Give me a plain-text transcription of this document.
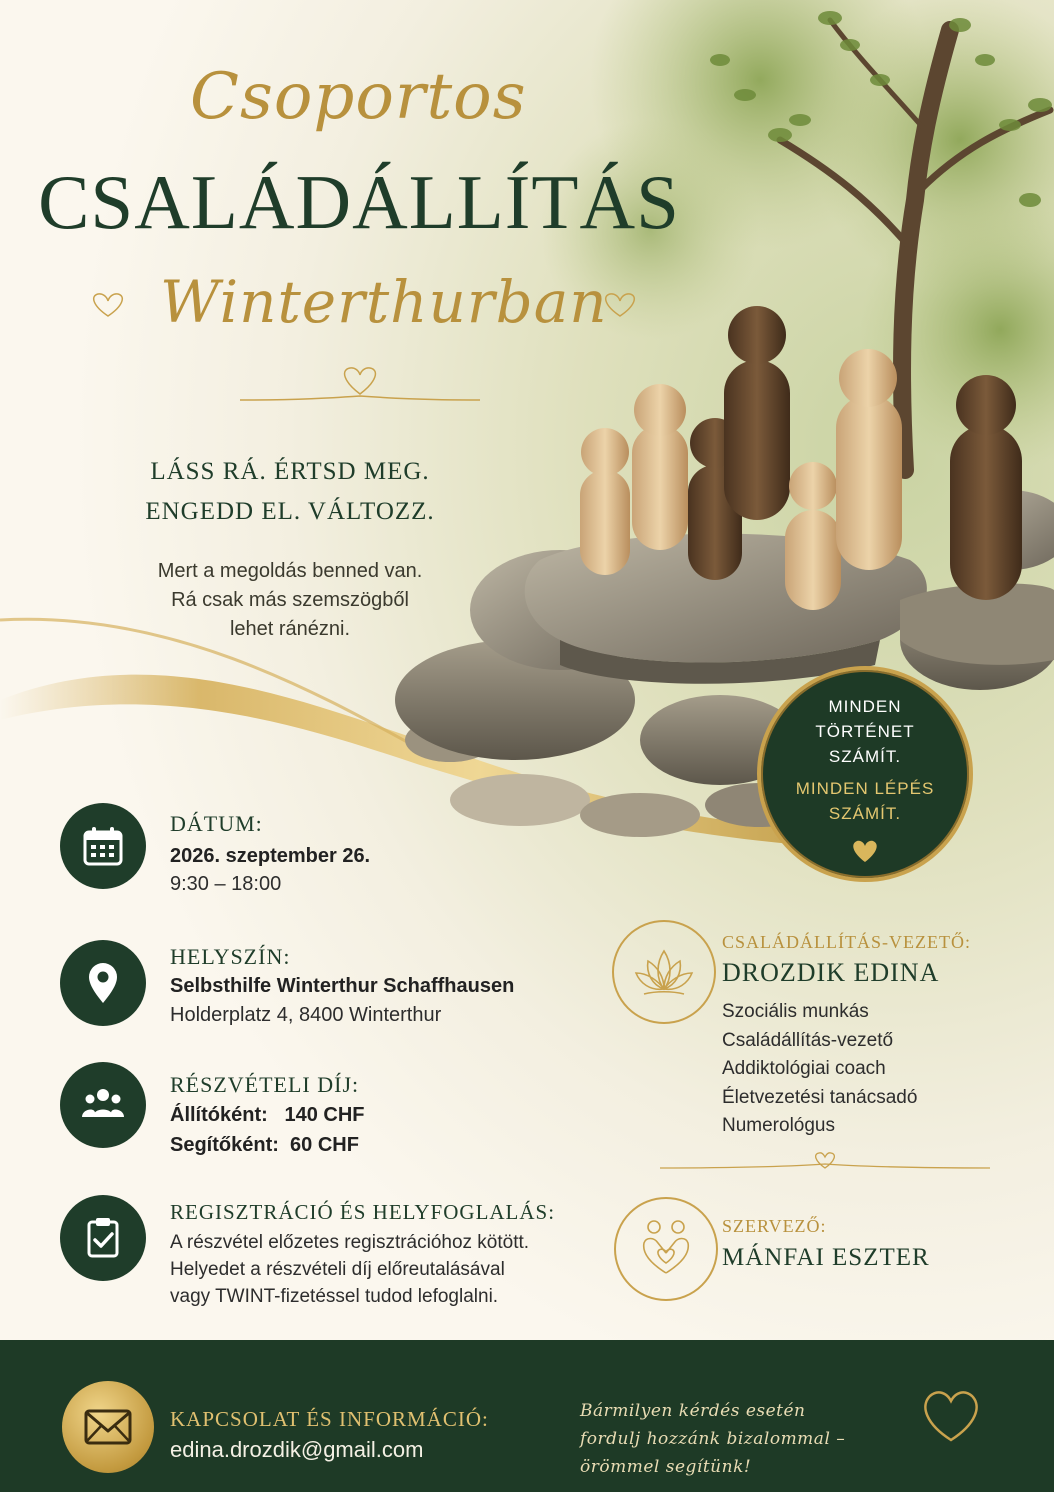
Csoportos
CSALÁDÁLLÍTÁS
Winterthurban
LÁSS RÁ. ÉRTSD MEG.
ENGEDD EL. VÁLTOZZ.
Mert a megoldás benned van.
Rá csak más szemszögből
lehet ránézni.
MINDEN
TÖRTÉNET
SZÁMÍT.
MINDEN LÉPÉS
SZÁMÍT.
DÁTUM:
2026. szeptember 26.
9:30 – 18:00
HELYSZÍN:
Selbsthilfe Winterthur Schaffhausen
Holderplatz 4, 8400 Winterthur
RÉSZVÉTELI DÍJ:
Állítóként:   140 CHF
Segítőként:  60 CHF
REGISZTRÁCIÓ ÉS HELYFOGLALÁS:
A részvétel előzetes regisztrációhoz kötött.
Helyedet a részvételi díj előreutalásával
vagy TWINT-fizetéssel tudod lefoglalni.
CSALÁDÁLLÍTÁS-VEZETŐ:
DROZDIK EDINA
Szociális munkás
Családállítás-vezető
Addiktológiai coach
Életvezetési tanácsadó
Numerológus
SZERVEZŐ:
MÁNFAI ESZTER
KAPCSOLAT ÉS INFORMÁCIÓ:
edina.drozdik@gmail.com
Bármilyen kérdés esetén
fordulj hozzánk bizalommal –
örömmel segítünk!
